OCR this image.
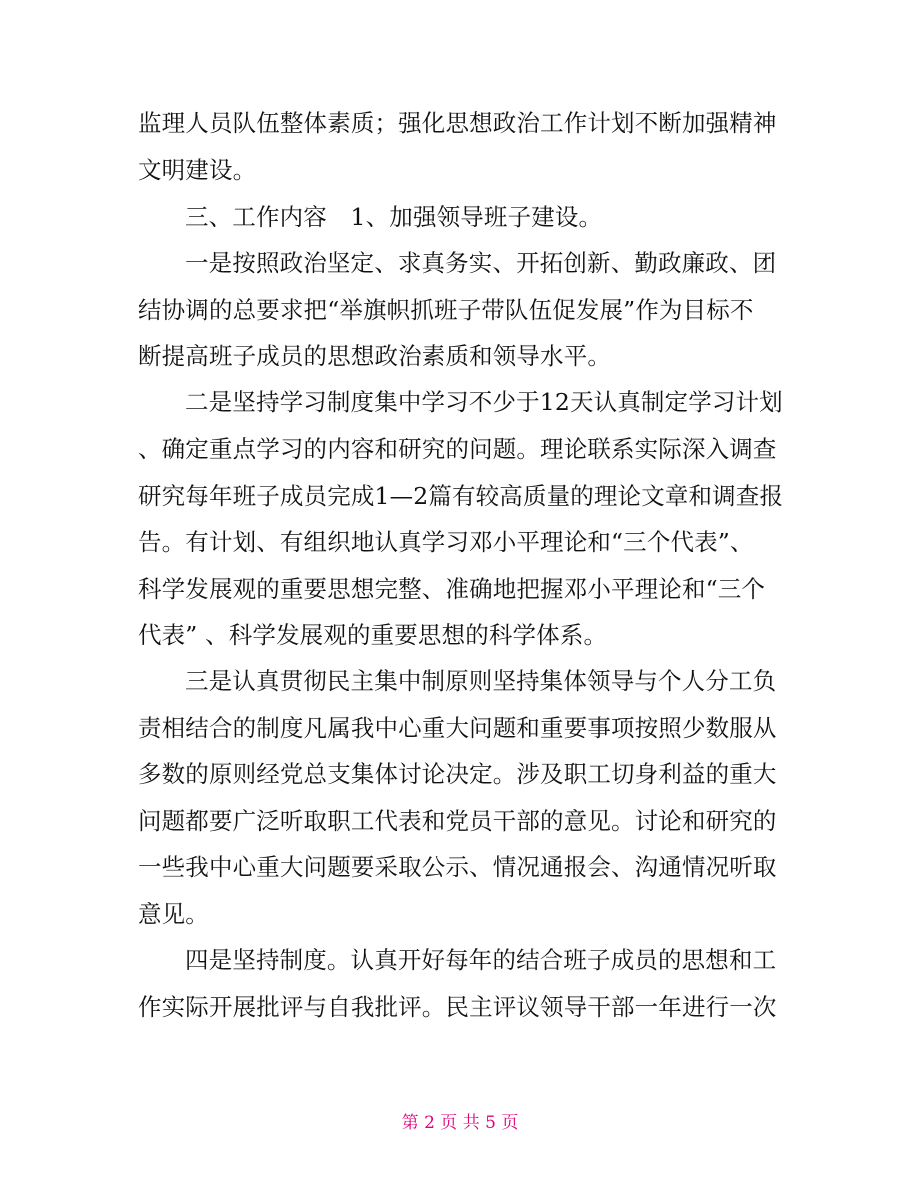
监理人员队伍整体素质；强化思想政治工作计划不断加强精神
文明建设。
三、工作内容　1、加强领导班子建设。
一是按照政治坚定、求真务实、开拓创新、勤政廉政、团
结协调的总要求把“举旗帜抓班子带队伍促发展”作为目标不
断提高班子成员的思想政治素质和领导水平。
二是坚持学习制度集中学习不少于12天认真制定学习计划
、确定重点学习的内容和研究的问题。理论联系实际深入调查
研究每年班子成员完成1—2篇有较高质量的理论文章和调查报
告。有计划、有组织地认真学习邓小平理论和“三个代表”、
科学发展观的重要思想完整、准确地把握邓小平理论和“三个
代表” 、科学发展观的重要思想的科学体系。
三是认真贯彻民主集中制原则坚持集体领导与个人分工负
责相结合的制度凡属我中心重大问题和重要事项按照少数服从
多数的原则经党总支集体讨论决定。涉及职工切身利益的重大
问题都要广泛听取职工代表和党员干部的意见。讨论和研究的
一些我中心重大问题要采取公示、情况通报会、沟通情况听取
意见。
四是坚持制度。认真开好每年的结合班子成员的思想和工
作实际开展批评与自我批评。民主评议领导干部一年进行一次
第 2 页 共 5 页
